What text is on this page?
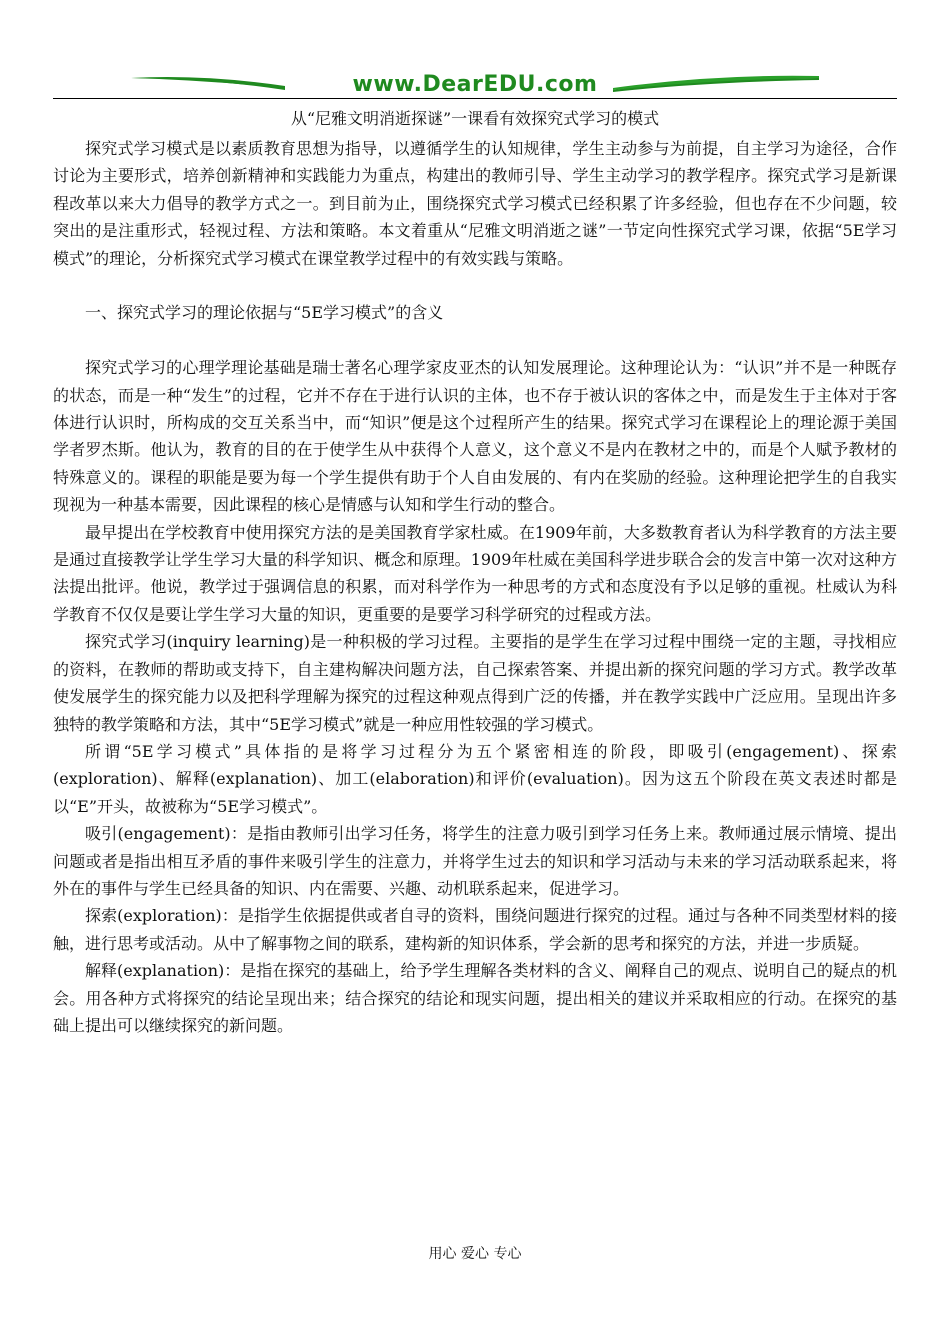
www.DearEDU.com
从“尼雅文明消逝探谜”一课看有效探究式学习的模式

探究式学习模式是以素质教育思想为指导，以遵循学生的认知规律，学生主动参与为前提，自主学习为途径，合作讨论为主要形式，培养创新精神和实践能力为重点，构建出的教师引导、学生主动学习的教学程序。探究式学习是新课程改革以来大力倡导的教学方式之一。到目前为止，围绕探究式学习模式已经积累了许多经验，但也存在不少问题，较突出的是注重形式，轻视过程、方法和策略。本文着重从“尼雅文明消逝之谜”一节定向性探究式学习课，依据“5E学习模式”的理论，分析探究式学习模式在课堂教学过程中的有效实践与策略。

一、探究式学习的理论依据与“5E学习模式”的含义

探究式学习的心理学理论基础是瑞士著名心理学家皮亚杰的认知发展理论。这种理论认为：“认识”并不是一种既存的状态，而是一种“发生”的过程，它并不存在于进行认识的主体，也不存于被认识的客体之中，而是发生于主体对于客体进行认识时，所构成的交互关系当中，而“知识”便是这个过程所产生的结果。探究式学习在课程论上的理论源于美国学者罗杰斯。他认为，教育的目的在于使学生从中获得个人意义，这个意义不是内在教材之中的，而是个人赋予教材的特殊意义的。课程的职能是要为每一个学生提供有助于个人自由发展的、有内在奖励的经验。这种理论把学生的自我实现视为一种基本需要，因此课程的核心是情感与认知和学生行动的整合。

最早提出在学校教育中使用探究方法的是美国教育学家杜威。在1909年前，大多数教育者认为科学教育的方法主要是通过直接教学让学生学习大量的科学知识、概念和原理。1909年杜威在美国科学进步联合会的发言中第一次对这种方法提出批评。他说，教学过于强调信息的积累，而对科学作为一种思考的方式和态度没有予以足够的重视。杜威认为科学教育不仅仅是要让学生学习大量的知识，更重要的是要学习科学研究的过程或方法。

探究式学习(inquiry learning)是一种积极的学习过程。主要指的是学生在学习过程中围绕一定的主题，寻找相应的资料，在教师的帮助或支持下，自主建构解决问题方法，自己探索答案、并提出新的探究问题的学习方式。教学改革使发展学生的探究能力以及把科学理解为探究的过程这种观点得到广泛的传播，并在教学实践中广泛应用。呈现出许多独特的教学策略和方法，其中“5E学习模式”就是一种应用性较强的学习模式。

所谓“5E学习模式”具体指的是将学习过程分为五个紧密相连的阶段，即吸引(engagement)、探索(exploration)、解释(explanation)、加工(elaboration)和评价(evaluation)。因为这五个阶段在英文表述时都是以“E”开头，故被称为“5E学习模式”。

吸引(engagement)：是指由教师引出学习任务，将学生的注意力吸引到学习任务上来。教师通过展示情境、提出问题或者是指出相互矛盾的事件来吸引学生的注意力，并将学生过去的知识和学习活动与未来的学习活动联系起来，将外在的事件与学生已经具备的知识、内在需要、兴趣、动机联系起来，促进学习。

探索(exploration)：是指学生依据提供或者自寻的资料，围绕问题进行探究的过程。通过与各种不同类型材料的接触，进行思考或活动。从中了解事物之间的联系，建构新的知识体系，学会新的思考和探究的方法，并进一步质疑。

解释(explanation)：是指在探究的基础上，给予学生理解各类材料的含义、阐释自己的观点、说明自己的疑点的机会。用各种方式将探究的结论呈现出来；结合探究的结论和现实问题，提出相关的建议并采取相应的行动。在探究的基础上提出可以继续探究的新问题。

用心 爱心 专心
